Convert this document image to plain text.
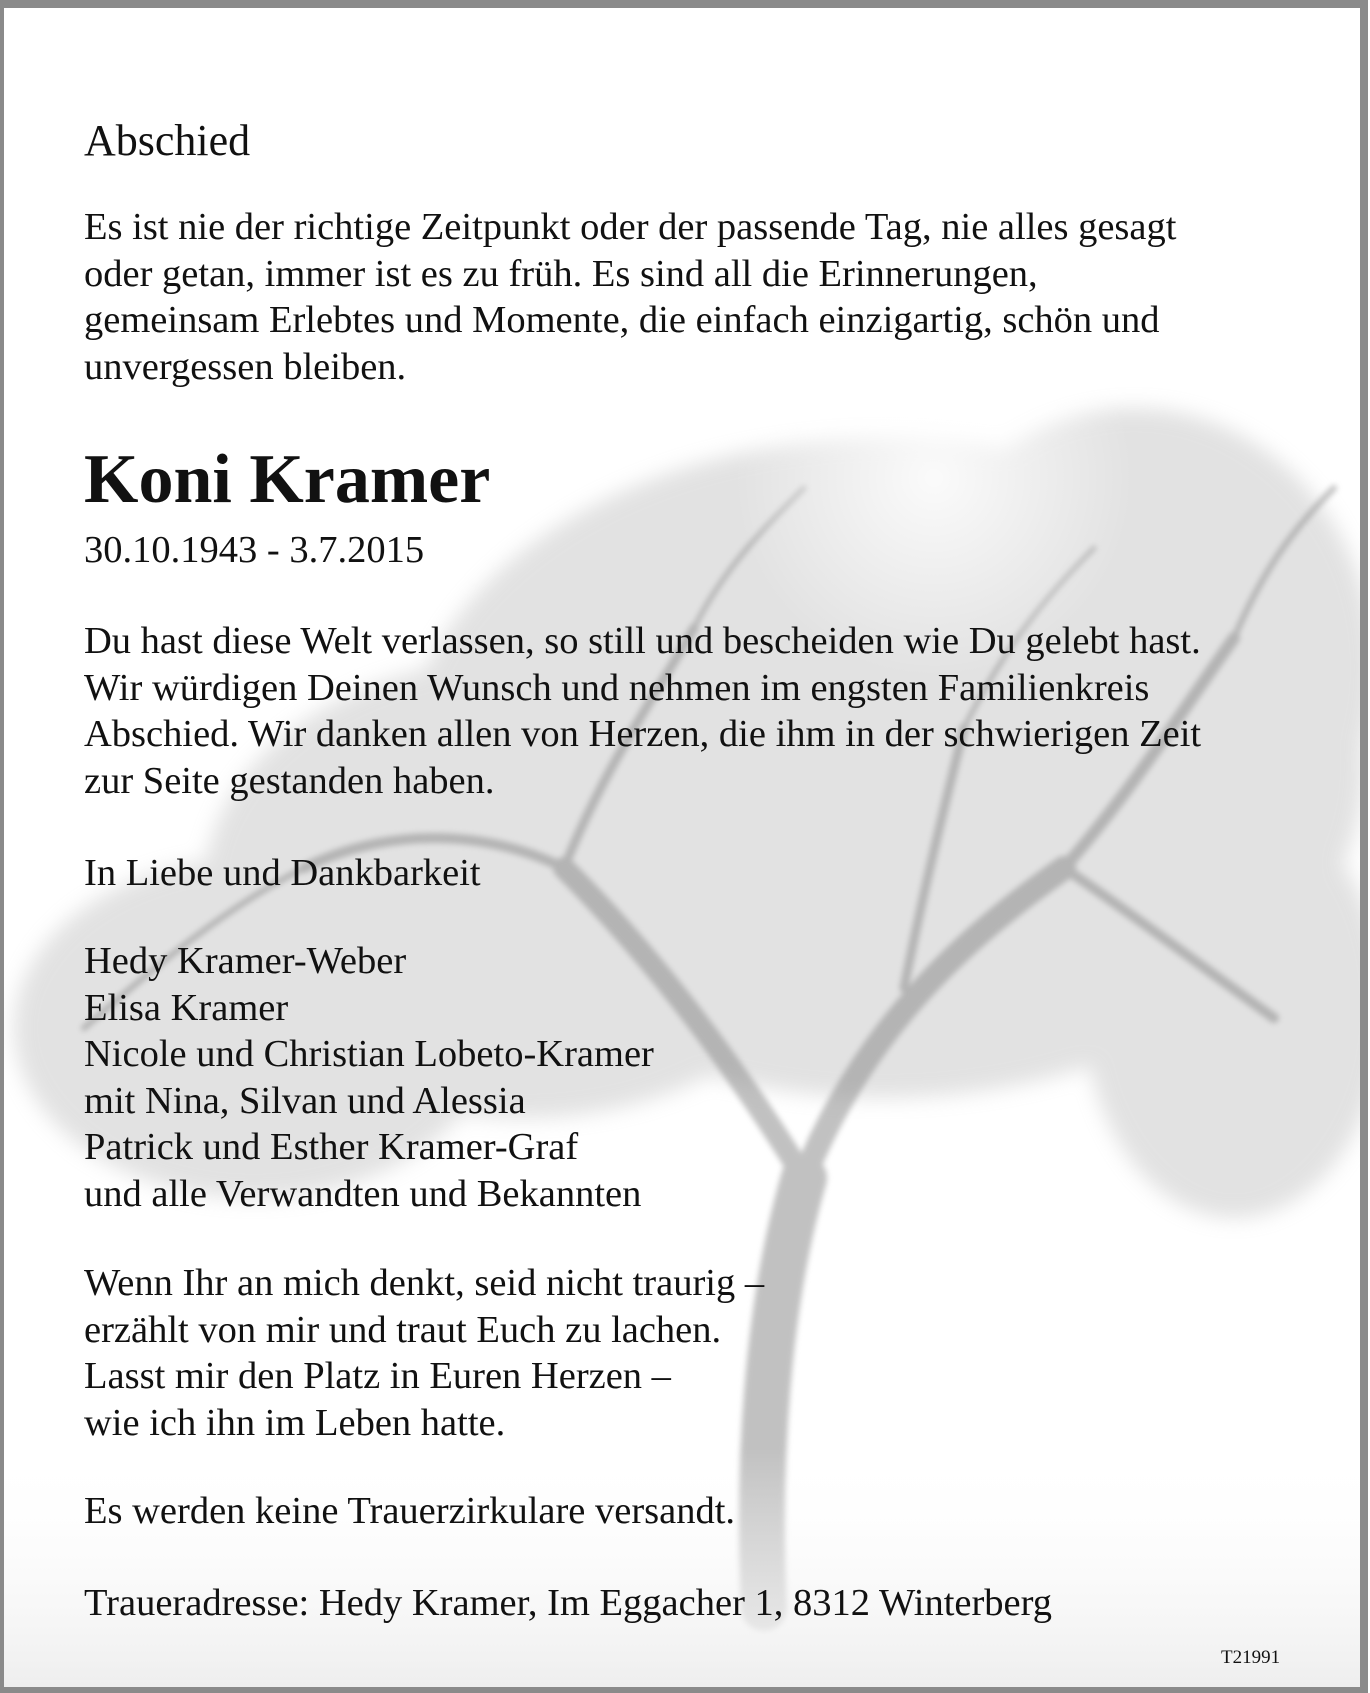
Abschied
Es ist nie der richtige Zeitpunkt oder der passende Tag, nie alles gesagt
oder getan, immer ist es zu früh. Es sind all die Erinnerungen,
gemeinsam Erlebtes und Momente, die einfach einzigartig, schön und
unvergessen bleiben.
Koni Kramer
30.10.1943 - 3.7.2015
Du hast diese Welt verlassen, so still und bescheiden wie Du gelebt hast.
Wir würdigen Deinen Wunsch und nehmen im engsten Familienkreis
Abschied. Wir danken allen von Herzen, die ihm in der schwierigen Zeit
zur Seite gestanden haben.
In Liebe und Dankbarkeit
Hedy Kramer-Weber
Elisa Kramer
Nicole und Christian Lobeto-Kramer
mit Nina, Silvan und Alessia
Patrick und Esther Kramer-Graf
und alle Verwandten und Bekannten
Wenn Ihr an mich denkt, seid nicht traurig –
erzählt von mir und traut Euch zu lachen.
Lasst mir den Platz in Euren Herzen –
wie ich ihn im Leben hatte.
Es werden keine Trauerzirkulare versandt.
Traueradresse: Hedy Kramer, Im Eggacher 1, 8312 Winterberg
T21991
